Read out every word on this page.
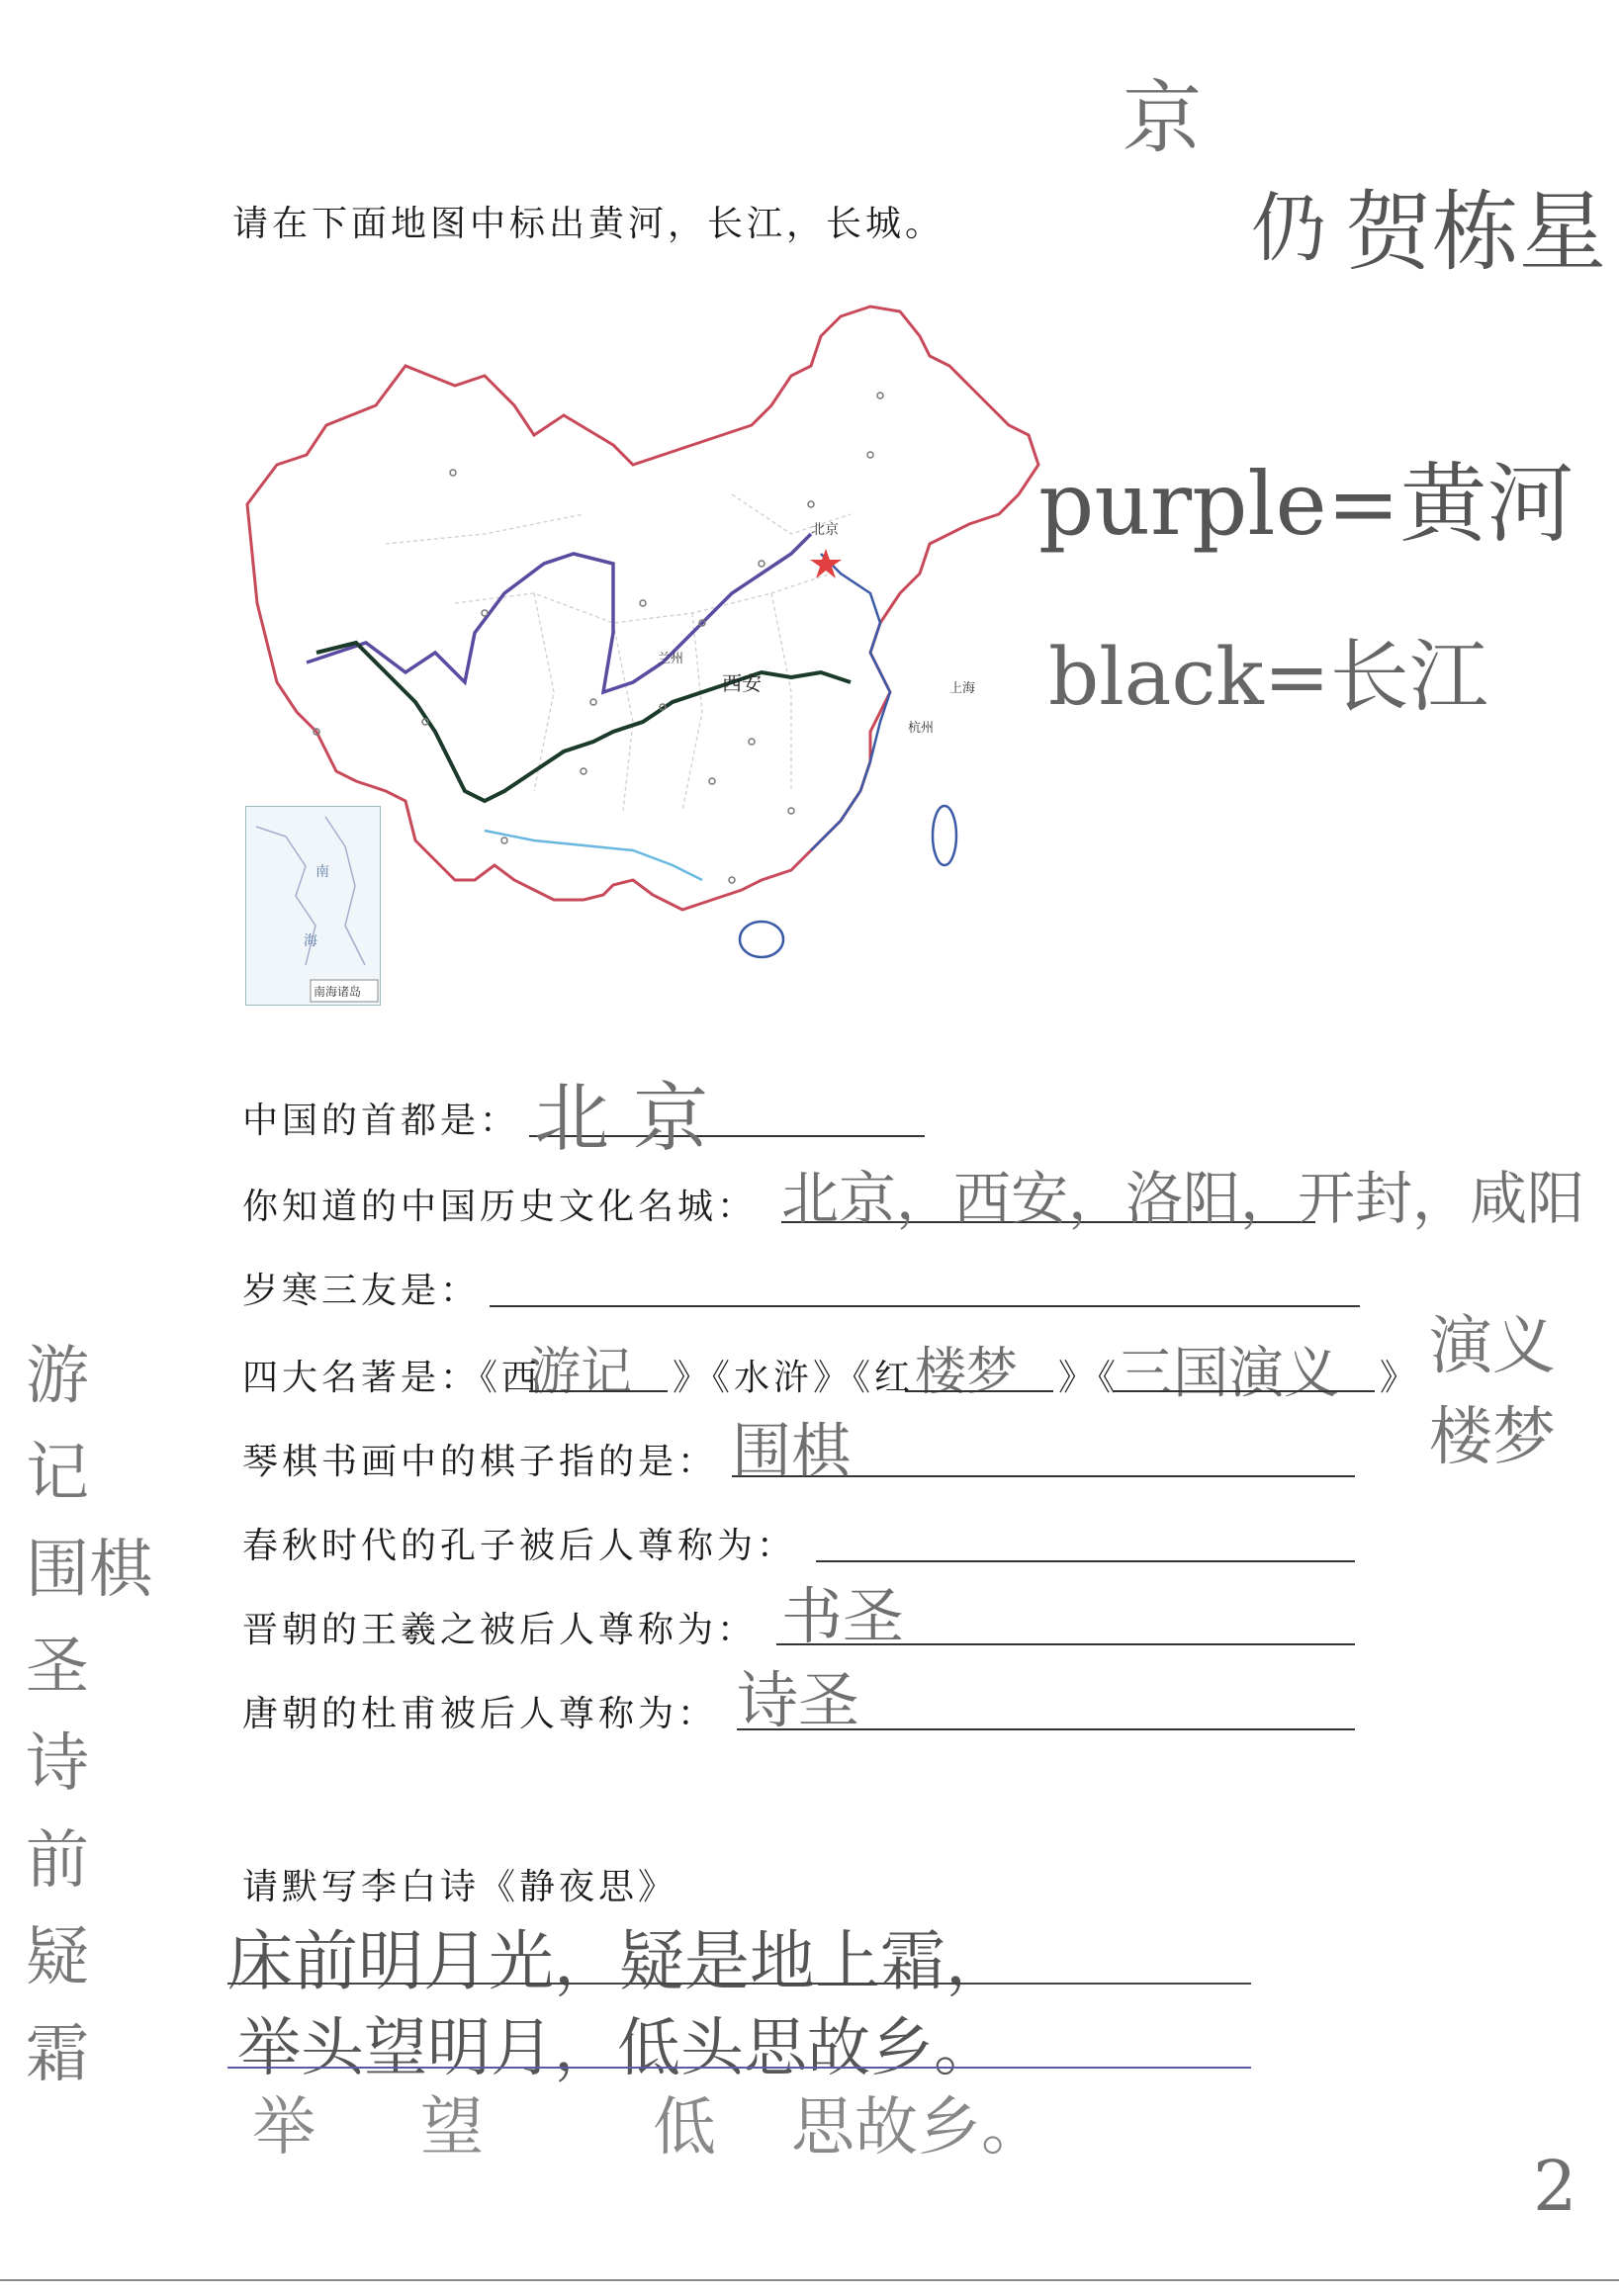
京
仍 贺栋星
请在下面地图中标出黄河，长江，长城。
北京
兰州
西安	上海
杭州
南
海
南海诸岛
purple=黄河
black=长江
中国的首都是： 北 京
你知道的中国历史文化名城： 北京，西安，洛阳，开封，咸阳
岁寒三友是：
四大名著是：《西
游记 》《水浒》《红 楼梦 》《
三国演义 》
琴棋书画中的棋子指的是： 围棋
春秋时代的孔子被后人尊称为：
晋朝的王羲之被后人尊称为： 书圣
唐朝的杜甫被后人尊称为： 诗圣
请默写李白诗《静夜思》
床前明月光，疑是地上霜，
举头望明月，低头思故乡。
举 望	低 思故乡。
游
记
围棋
圣
诗
前
疑
霜
演义
楼梦
2
